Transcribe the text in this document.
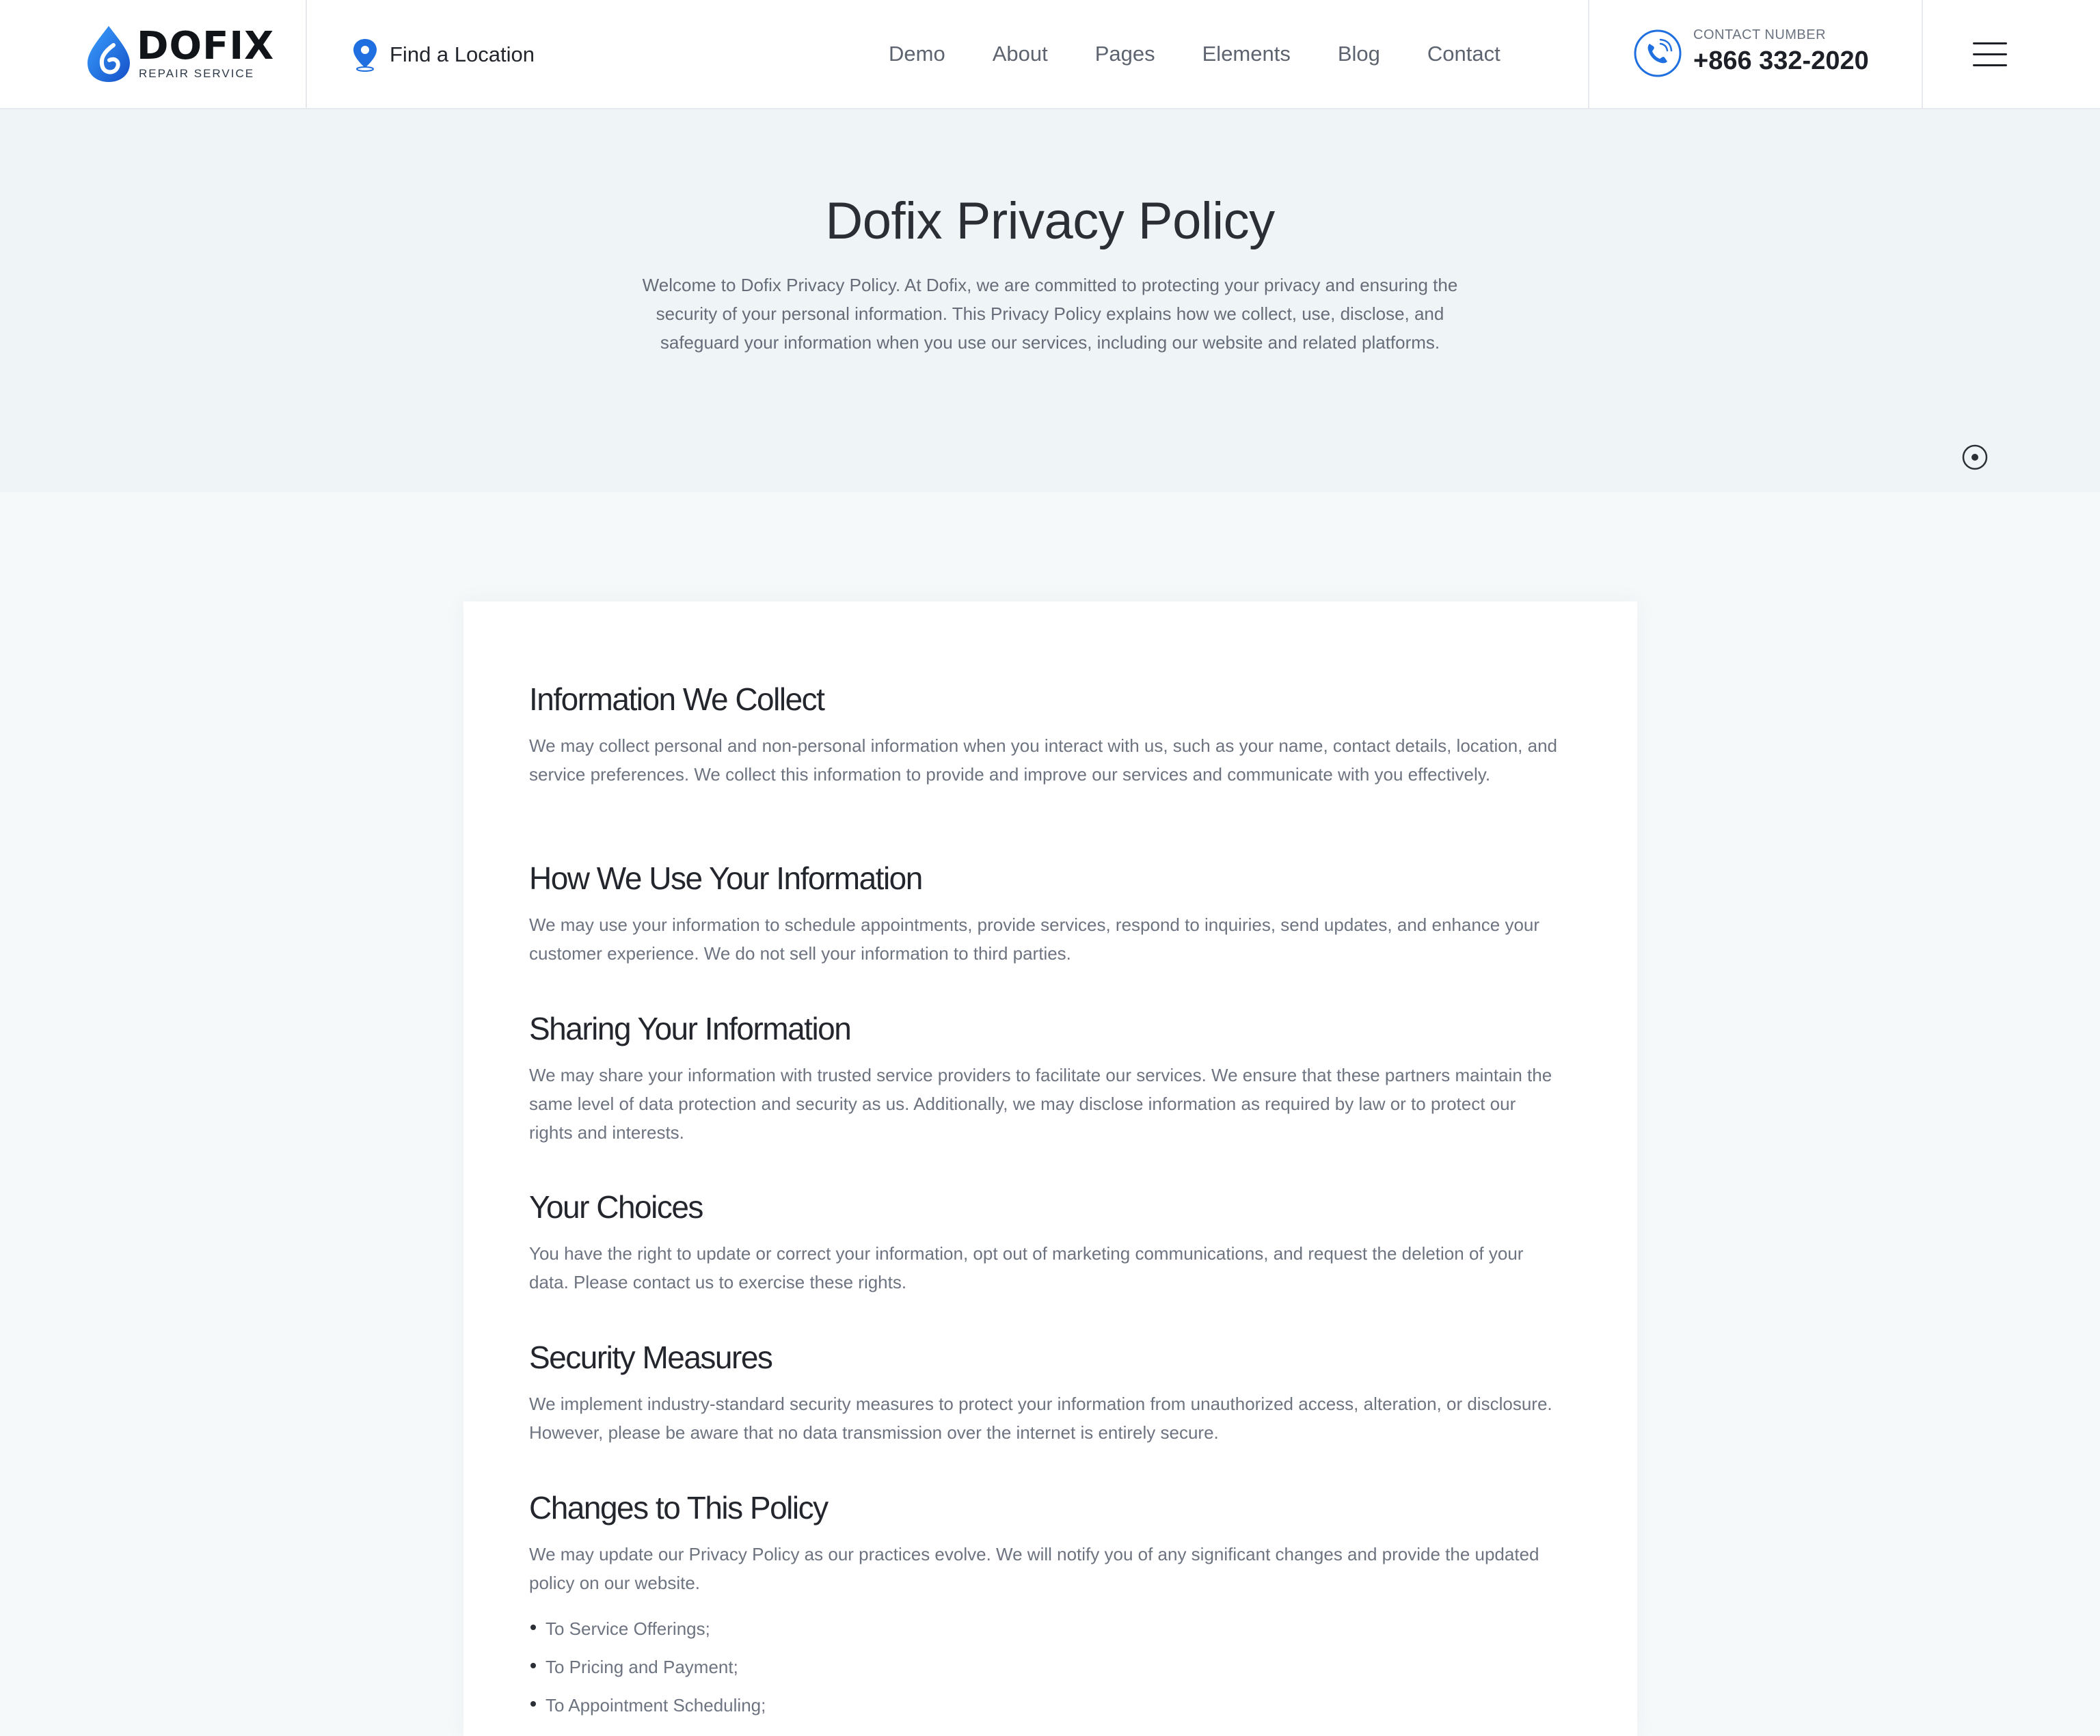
DOFIX
REPAIR SERVICE
Find a Location	Demo About Pages Elements Blog Contact
CONTACT NUMBER
+866 332-2020
Dofix Privacy Policy

Welcome to Dofix Privacy Policy. At Dofix, we are committed to protecting your privacy and ensuring the security of your personal information. This Privacy Policy explains how we collect, use, disclose, and safeguard your information when you use our services, including our website and related platforms.

Information We Collect

We may collect personal and non-personal information when you interact with us, such as your name, contact details, location, and service preferences. We collect this information to provide and improve our services and communicate with you effectively.

How We Use Your Information

We may use your information to schedule appointments, provide services, respond to inquiries, send updates, and enhance your customer experience. We do not sell your information to third parties.

Sharing Your Information

We may share your information with trusted service providers to facilitate our services. We ensure that these partners maintain the same level of data protection and security as us. Additionally, we may disclose information as required by law or to protect our rights and interests.

Your Choices

You have the right to update or correct your information, opt out of marketing communications, and request the deletion of your data. Please contact us to exercise these rights.

Security Measures

We implement industry-standard security measures to protect your information from unauthorized access, alteration, or disclosure. However, please be aware that no data transmission over the internet is entirely secure.

Changes to This Policy

We may update our Privacy Policy as our practices evolve. We will notify you of any significant changes and provide the updated policy on our website.

To Service Offerings;
To Pricing and Payment;
To Appointment Scheduling;
